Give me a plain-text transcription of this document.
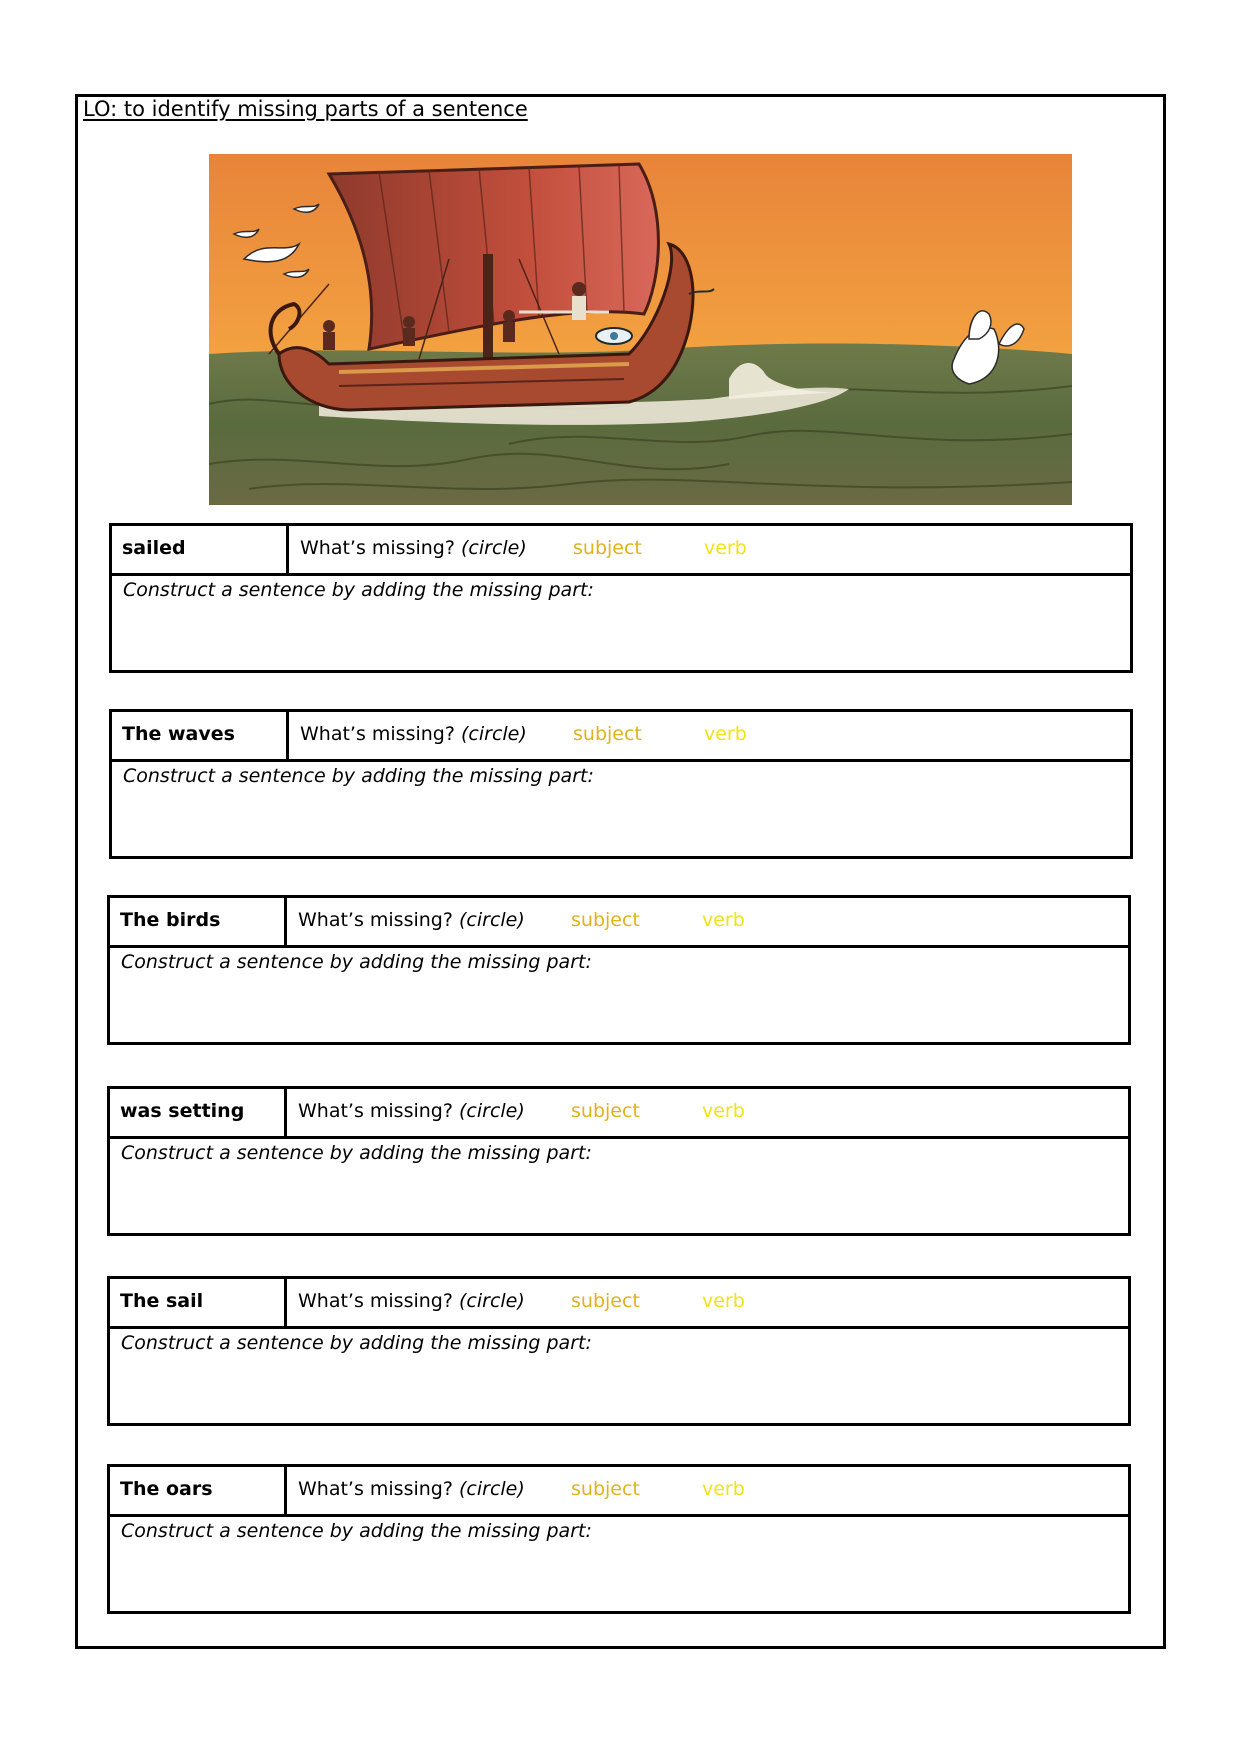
LO: to identify missing parts of a sentence
sailed	What’s missing? (circle) subject	verb
Construct a sentence by adding the missing part:
The waves	What’s missing? (circle) subject	verb
Construct a sentence by adding the missing part:
The birds	What’s missing? (circle) subject	verb
Construct a sentence by adding the missing part:
was setting	What’s missing? (circle) subject	verb
Construct a sentence by adding the missing part:
The sail	What’s missing? (circle) subject	verb
Construct a sentence by adding the missing part:
The oars	What’s missing? (circle) subject	verb
Construct a sentence by adding the missing part:
